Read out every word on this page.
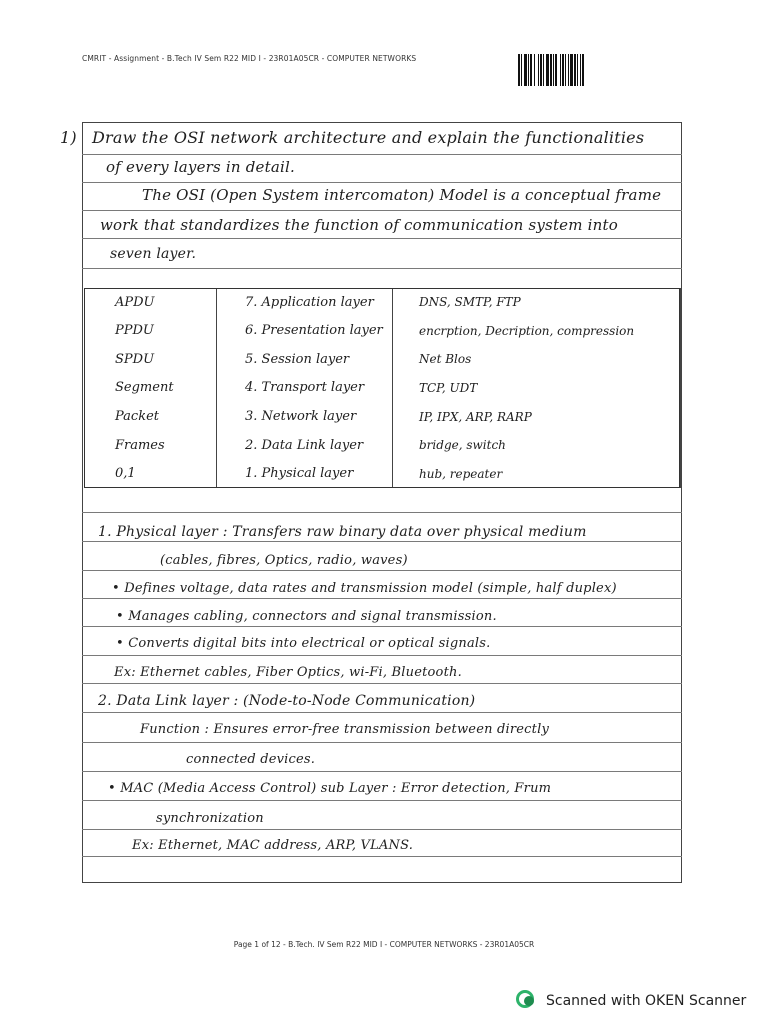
CMRIT - Assignment - B.Tech IV Sem R22 MID I - 23R01A05CR - COMPUTER NETWORKS
1) Draw the OSI network architecture and explain the functionalities
of every layers in detail.
The OSI (Open System intercomaton) Model is a conceptual frame
work that standardizes the function of communication system into
seven layer.
APDU	7. Application layer	DNS, SMTP, FTP
PPDU	6. Presentation layer	encrption, Decription, compression
SPDU	5. Session layer	Net Blos
Segment	4. Transport layer	TCP, UDT
Packet	3. Network layer	IP, IPX, ARP, RARP
Frames	2. Data Link layer	bridge, switch
0,1	1. Physical layer	hub, repeater
1. Physical layer : Transfers raw binary data over physical medium
(cables, fibres, Optics, radio, waves)
• Defines voltage, data rates and transmission model (simple, half duplex)
• Manages cabling, connectors and signal transmission.
• Converts digital bits into electrical or optical signals.
Ex: Ethernet cables, Fiber Optics, wi-Fi, Bluetooth.
2. Data Link layer : (Node-to-Node Communication)
Function : Ensures error-free transmission between directly
connected devices.
• MAC (Media Access Control) sub Layer : Error detection, Frum
synchronization
Ex: Ethernet, MAC address, ARP, VLANS.
Page 1 of 12 - B.Tech. IV Sem R22 MID I - COMPUTER NETWORKS - 23R01A05CR
Scanned with OKEN Scanner
